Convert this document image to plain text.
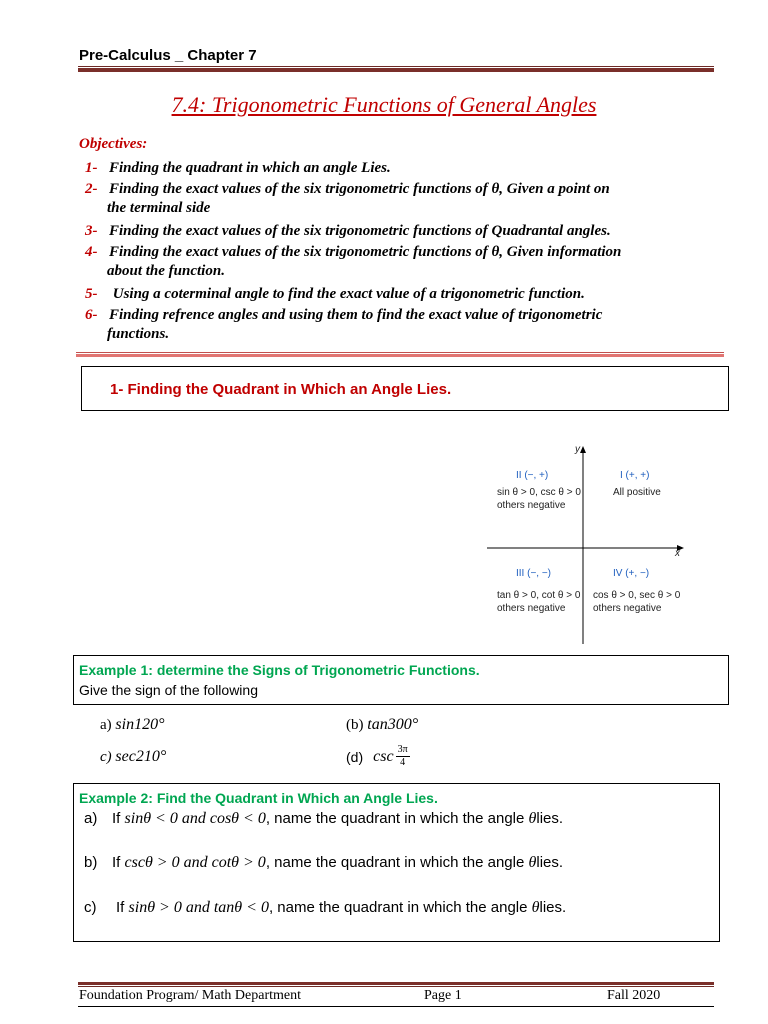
Pre-Calculus _ Chapter 7
7.4: Trigonometric Functions of General Angles
Objectives:
1- Finding the quadrant in which an angle Lies.
2- Finding the exact values of the six trigonometric functions of θ, Given a point on
the terminal side
3- Finding the exact values of the six trigonometric functions of Quadrantal angles.
4- Finding the exact values of the six trigonometric functions of θ, Given information
about the function.
5- Using a coterminal angle to find the exact value of a trigonometric function.
6- Finding refrence angles and using them to find the exact value of trigonometric
functions.
1- Finding the Quadrant in Which an Angle Lies.
y
x
II (−, +)
sin θ > 0, csc θ > 0
others negative
I (+, +)
All positive
III (−, −)
tan θ > 0, cot θ > 0
others negative
IV (+, −)
cos θ > 0, sec θ > 0
others negative
Example 1: determine the Signs of Trigonometric Functions.
Give the sign of the following
a) sin120°	(b) tan300°
c) sec210°	(d) $\csc \frac{3\pi}{4}$
Example 2: Find the Quadrant in Which an Angle Lies.
a) If sinθ < 0 and cosθ < 0, name the quadrant in which the angle θlies.
b) If cscθ > 0 and cotθ > 0, name the quadrant in which the angle θlies.
c) If sinθ > 0 and tanθ < 0, name the quadrant in which the angle θlies.
Foundation Program/ Math Department	Page 1	Fall 2020
